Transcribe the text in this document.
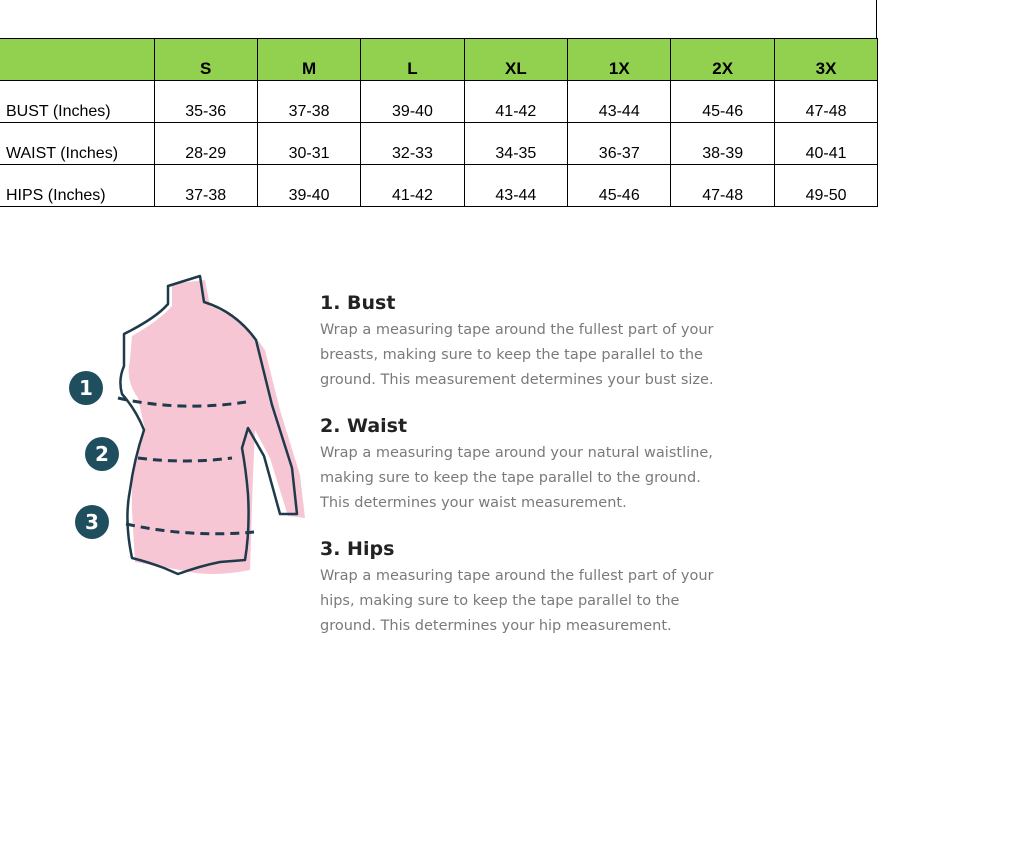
	S	M	L	XL	1X	2X	3X
BUST (Inches)	35-36	37-38	39-40	41-42	43-44	45-46	47-48
WAIST (Inches)	28-29	30-31	32-33	34-35	36-37	38-39	40-41
HIPS (Inches)	37-38	39-40	41-42	43-44	45-46	47-48	49-50
1
2
3
1. Bust

Wrap a measuring tape around the fullest part of your breasts, making sure to keep the tape parallel to the ground. This measurement determines your bust size.

2. Waist

Wrap a measuring tape around your natural waistline, making sure to keep the tape parallel to the ground. This determines your waist measurement.

3. Hips

Wrap a measuring tape around the fullest part of your hips, making sure to keep the tape parallel to the ground. This determines your hip measurement.
